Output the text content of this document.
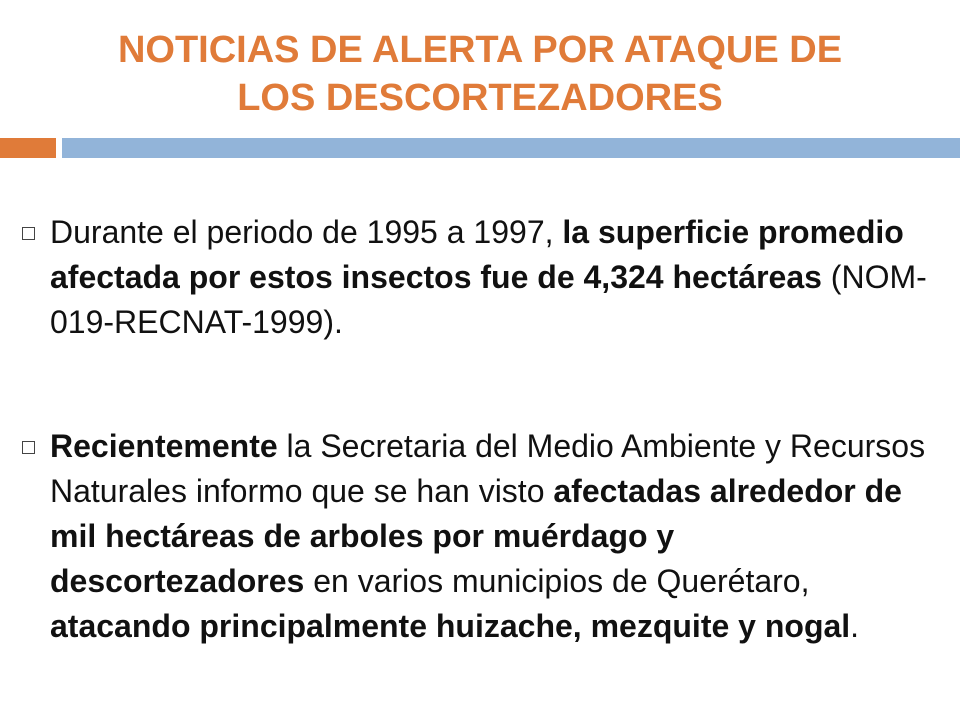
NOTICIAS DE ALERTA POR ATAQUE DE
LOS DESCORTEZADORES
Durante el periodo de 1995 a 1997, la superficie promedio afectada por estos insectos fue de 4,324 hectáreas (NOM-019-RECNAT-1999).
Recientemente la Secretaria del Medio Ambiente y Recursos Naturales informo que se han visto afectadas alrededor de mil hectáreas de arboles por muérdago y descortezadores en varios municipios de Querétaro, atacando principalmente huizache, mezquite y nogal.
